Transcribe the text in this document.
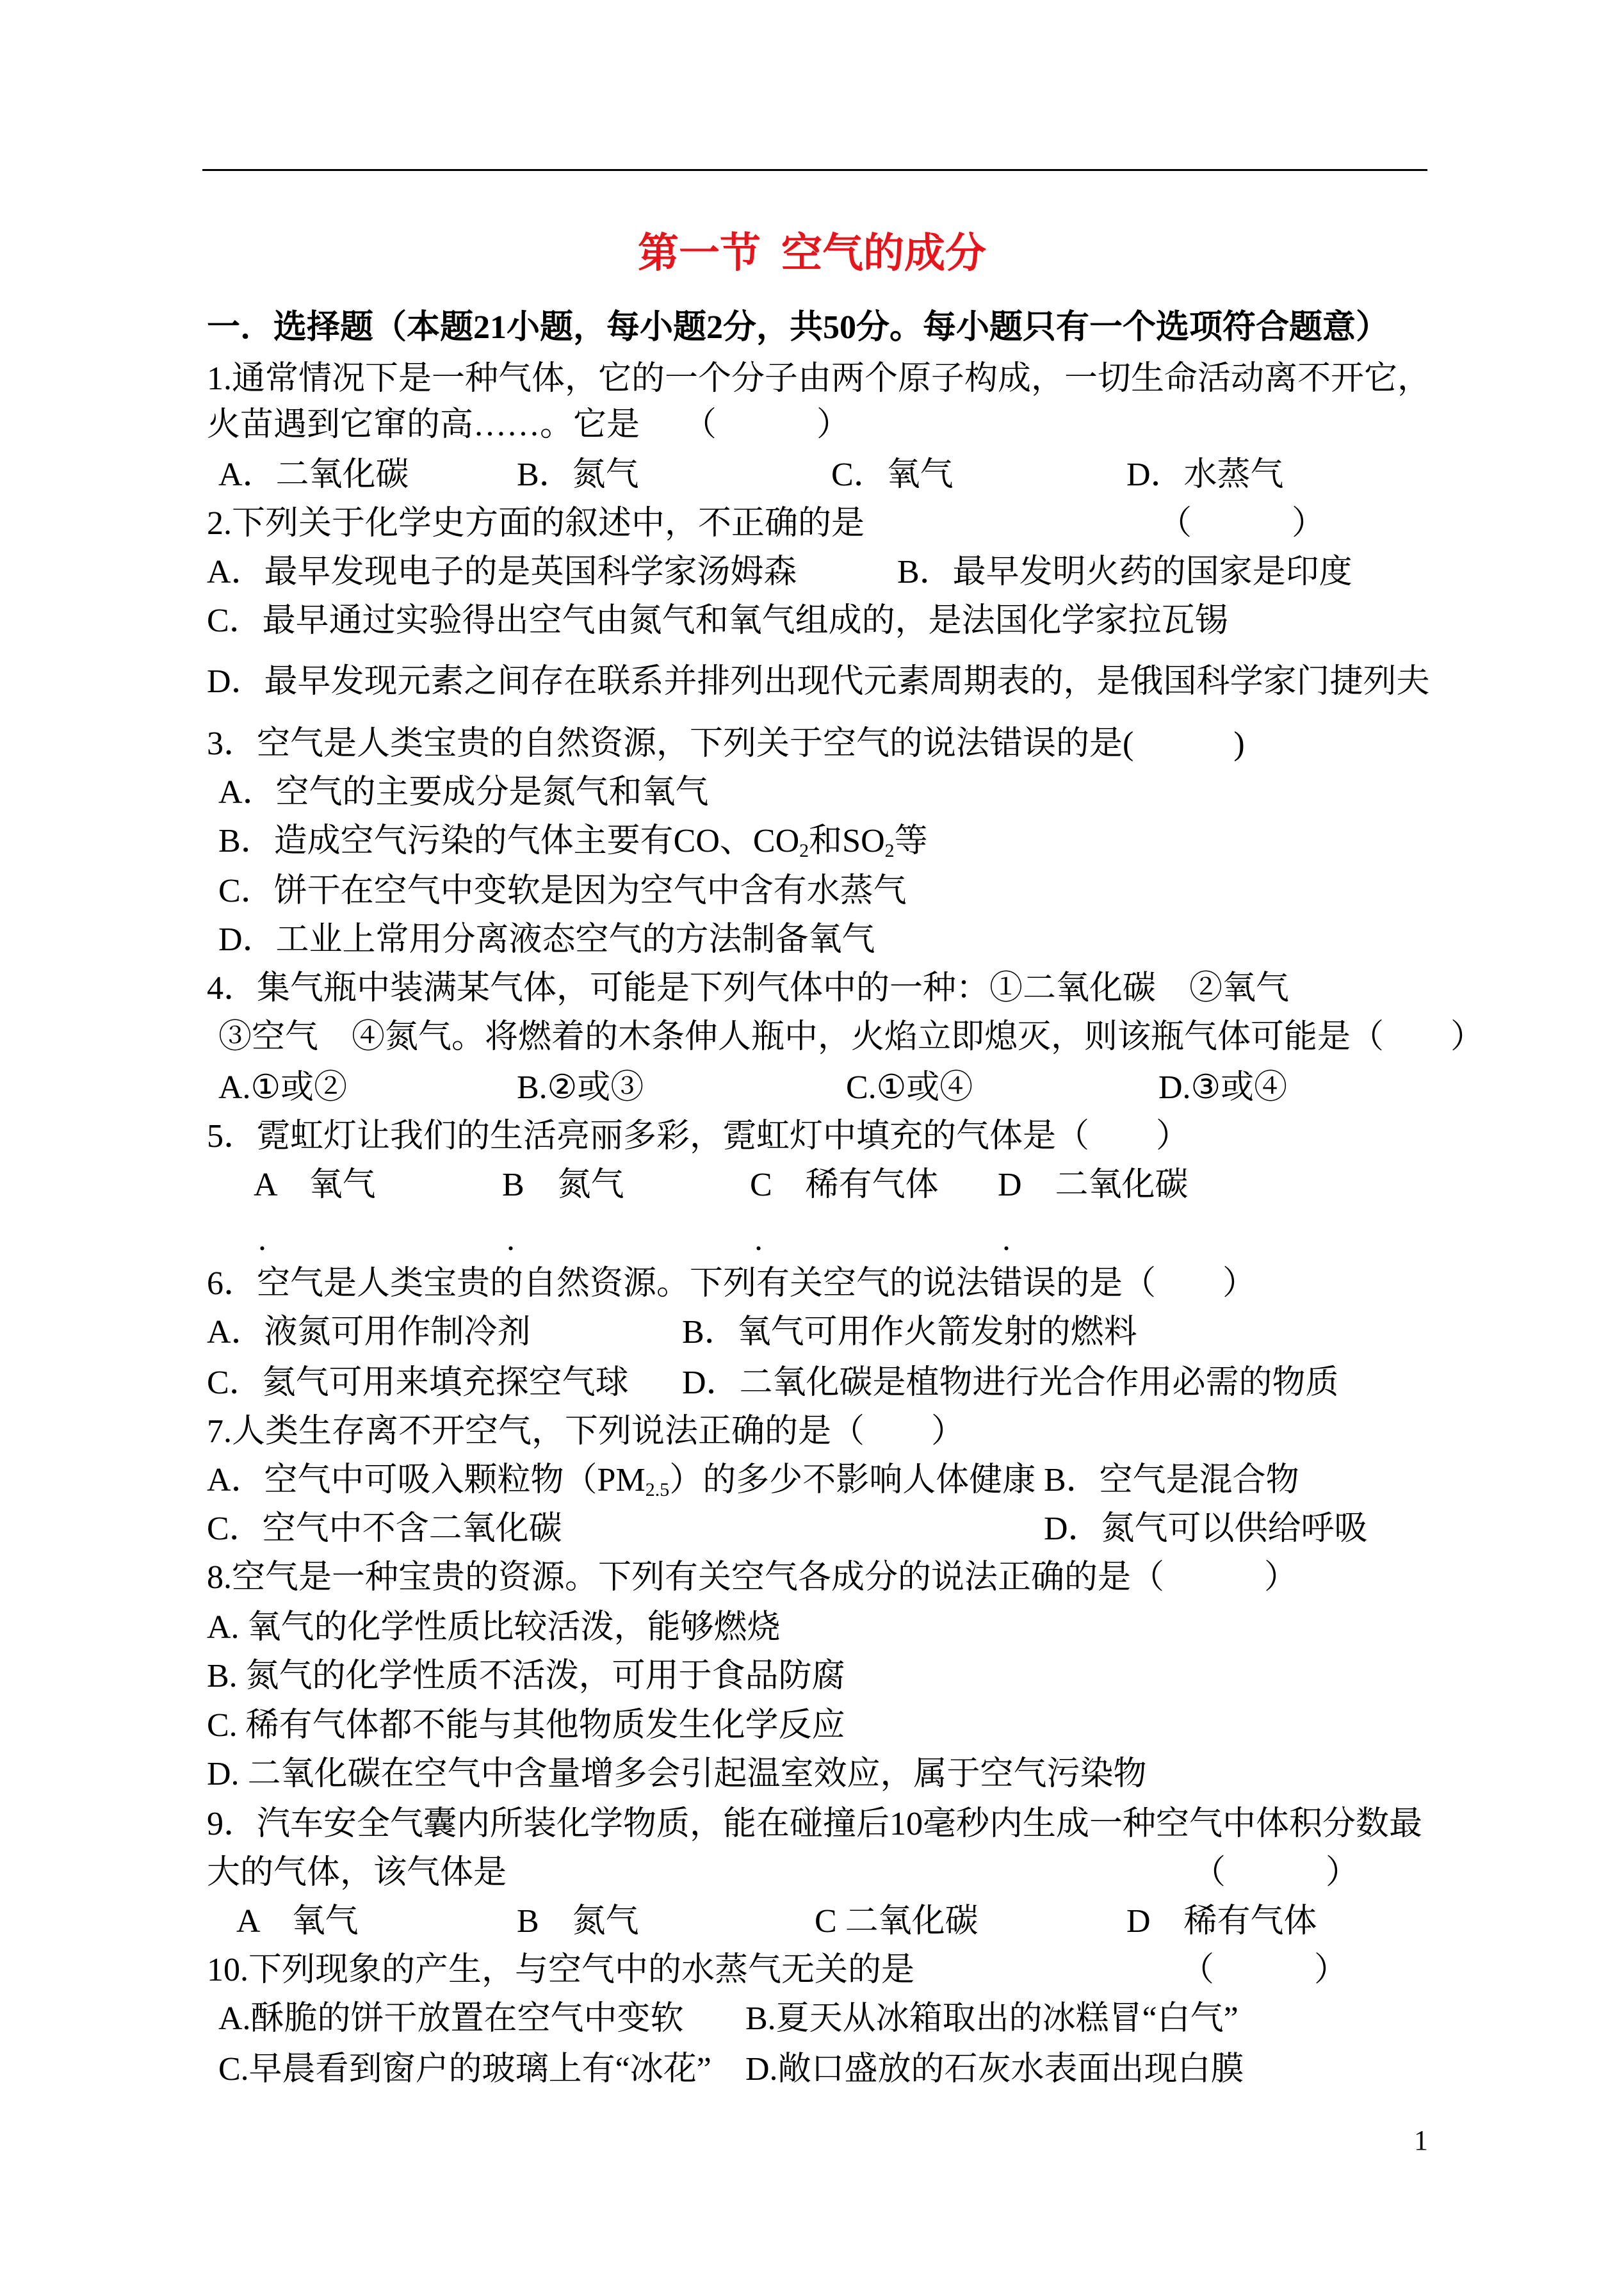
第一节  空气的成分
一．选择题（本题21小题，每小题2分，共50分。每小题只有一个选项符合题意）
1.通常情况下是一种气体，它的一个分子由两个原子构成，一切生命活动离不开它，
火苗遇到它窜的高……。它是 （　　　）
A．二氧化碳	B．氮气	C．氧气	D．水蒸气
2.下列关于化学史方面的叙述中，不正确的是	（　　　）
A．最早发现电子的是英国科学家汤姆森	B．最早发明火药的国家是印度
C．最早通过实验得出空气由氮气和氧气组成的，是法国化学家拉瓦锡
D．最早发现元素之间存在联系并排列出现代元素周期表的，是俄国科学家门捷列夫
3．空气是人类宝贵的自然资源，下列关于空气的说法错误的是(　　　)
A．空气的主要成分是氮气和氧气
B．造成空气污染的气体主要有CO、$CO_2$和$SO_2$等
C．饼干在空气中变软是因为空气中含有水蒸气
D．工业上常用分离液态空气的方法制备氧气
4．集气瓶中装满某气体，可能是下列气体中的一种：①二氧化碳　②氧气
③空气　④氮气。将燃着的木条伸人瓶中，火焰立即熄灭，则该瓶气体可能是（　　）
A.①或②	B.②或③	C.①或④	D.③或④
5．霓虹灯让我们的生活亮丽多彩，霓虹灯中填充的气体是（　　）
A　氧气	B　氮气	C　稀有气体 D　二氧化碳
.	.	.	.
6．空气是人类宝贵的自然资源。下列有关空气的说法错误的是（　　）
A．液氮可用作制冷剂	B．氧气可用作火箭发射的燃料
C．氦气可用来填充探空气球	D．二氧化碳是植物进行光合作用必需的物质
7.人类生存离不开空气，下列说法正确的是（　　）
A．空气中可吸入颗粒物$(PM_{2.5})$的多少不影响人体健康 B．空气是混合物
C．空气中不含二氧化碳	D．氮气可以供给呼吸
8.空气是一种宝贵的资源。下列有关空气各成分的说法正确的是（　　　）
A. 氧气的化学性质比较活泼，能够燃烧
B. 氮气的化学性质不活泼，可用于食品防腐
C. 稀有气体都不能与其他物质发生化学反应
D. 二氧化碳在空气中含量增多会引起温室效应，属于空气污染物
9．汽车安全气囊内所装化学物质，能在碰撞后10毫秒内生成一种空气中体积分数最
大的气体，该气体是	（　　　）
A　氧气	B　氮气	C 二氧化碳	D　稀有气体
10.下列现象的产生，与空气中的水蒸气无关的是	（　　　）
A.酥脆的饼干放置在空气中变软	B.夏天从冰箱取出的冰糕冒“白气”
C.早晨看到窗户的玻璃上有“冰花”	D.敞口盛放的石灰水表面出现白膜
1
